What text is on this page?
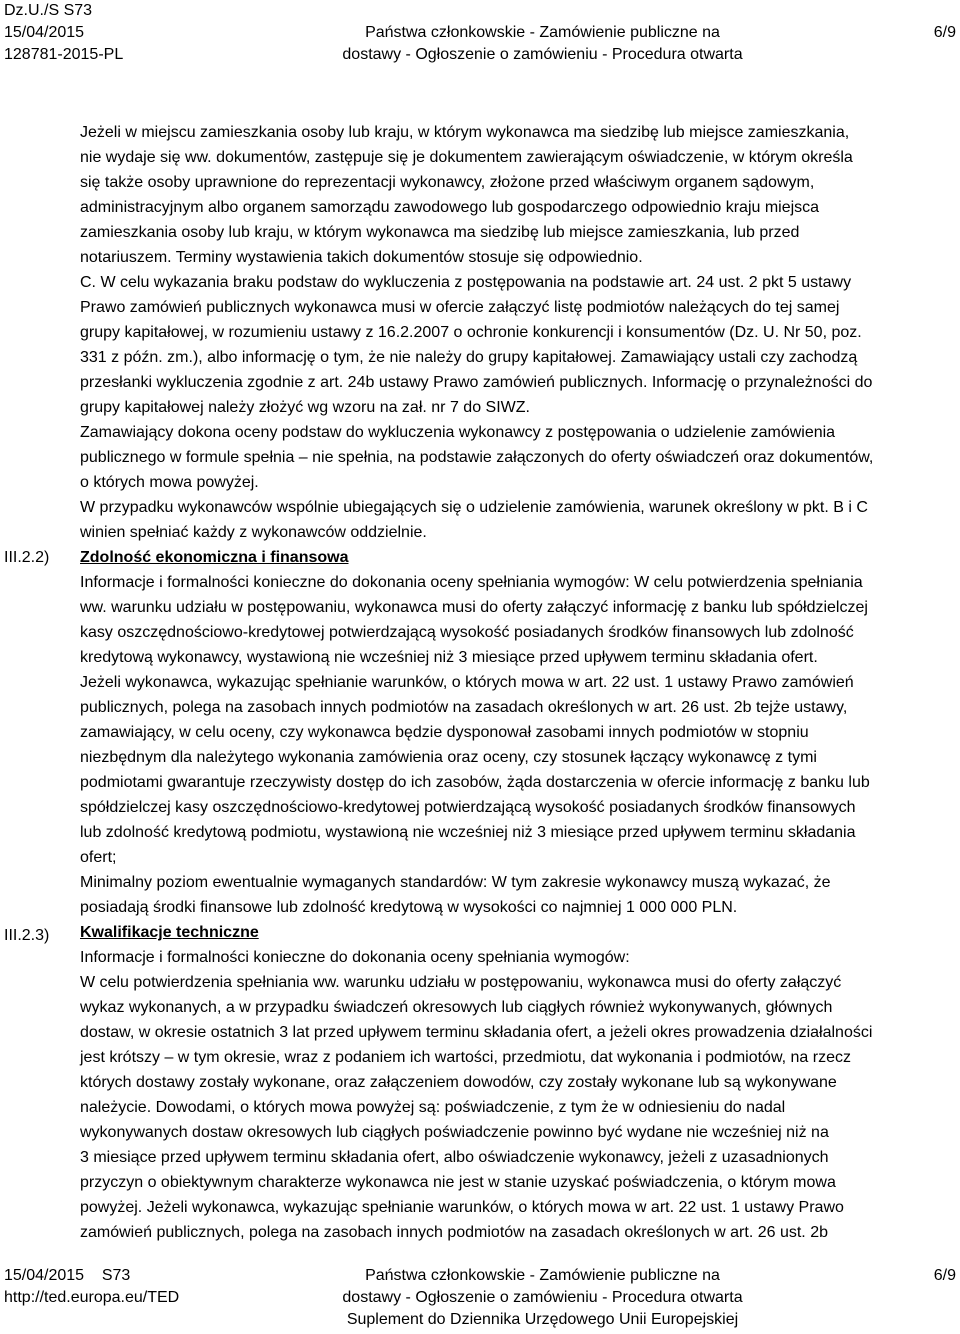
Dz.U./S S73
15/04/2015
128781-2015-PL
Państwa członkowskie - Zamówienie publiczne na
dostawy - Ogłoszenie o zamówieniu - Procedura otwarta
6/9
III.2.2)
III.2.3)
Jeżeli w miejscu zamieszkania osoby lub kraju, w którym wykonawca ma siedzibę lub miejsce zamieszkania,
nie wydaje się ww. dokumentów, zastępuje się je dokumentem zawierającym oświadczenie, w którym określa
się także osoby uprawnione do reprezentacji wykonawcy, złożone przed właściwym organem sądowym,
administracyjnym albo organem samorządu zawodowego lub gospodarczego odpowiednio kraju miejsca
zamieszkania osoby lub kraju, w którym wykonawca ma siedzibę lub miejsce zamieszkania, lub przed
notariuszem. Terminy wystawienia takich dokumentów stosuje się odpowiednio.
C. W celu wykazania braku podstaw do wykluczenia z postępowania na podstawie art. 24 ust. 2 pkt 5 ustawy
Prawo zamówień publicznych wykonawca musi w ofercie załączyć listę podmiotów należących do tej samej
grupy kapitałowej, w rozumieniu ustawy z 16.2.2007 o ochronie konkurencji i konsumentów (Dz. U. Nr 50, poz.
331 z późn. zm.), albo informację o tym, że nie należy do grupy kapitałowej. Zamawiający ustali czy zachodzą
przesłanki wykluczenia zgodnie z art. 24b ustawy Prawo zamówień publicznych. Informację o przynależności do
grupy kapitałowej należy złożyć wg wzoru na zał. nr 7 do SIWZ.
Zamawiający dokona oceny podstaw do wykluczenia wykonawcy z postępowania o udzielenie zamówienia
publicznego w formule spełnia – nie spełnia, na podstawie załączonych do oferty oświadczeń oraz dokumentów,
o których mowa powyżej.
W przypadku wykonawców wspólnie ubiegających się o udzielenie zamówienia, warunek określony w pkt. B i C
winien spełniać każdy z wykonawców oddzielnie.
Zdolność ekonomiczna i finansowa
Informacje i formalności konieczne do dokonania oceny spełniania wymogów: W celu potwierdzenia spełniania
ww. warunku udziału w postępowaniu, wykonawca musi do oferty załączyć informację z banku lub spółdzielczej
kasy oszczędnościowo-kredytowej potwierdzającą wysokość posiadanych środków finansowych lub zdolność
kredytową wykonawcy, wystawioną nie wcześniej niż 3 miesiące przed upływem terminu składania ofert.
Jeżeli wykonawca, wykazując spełnianie warunków, o których mowa w art. 22 ust. 1 ustawy Prawo zamówień
publicznych, polega na zasobach innych podmiotów na zasadach określonych w art. 26 ust. 2b tejże ustawy,
zamawiający, w celu oceny, czy wykonawca będzie dysponował zasobami innych podmiotów w stopniu
niezbędnym dla należytego wykonania zamówienia oraz oceny, czy stosunek łączący wykonawcę z tymi
podmiotami gwarantuje rzeczywisty dostęp do ich zasobów, żąda dostarczenia w ofercie informację z banku lub
spółdzielczej kasy oszczędnościowo-kredytowej potwierdzającą wysokość posiadanych środków finansowych
lub zdolność kredytową podmiotu, wystawioną nie wcześniej niż 3 miesiące przed upływem terminu składania
ofert;
Minimalny poziom ewentualnie wymaganych standardów: W tym zakresie wykonawcy muszą wykazać, że
posiadają środki finansowe lub zdolność kredytową w wysokości co najmniej 1 000 000 PLN.
Kwalifikacje techniczne
Informacje i formalności konieczne do dokonania oceny spełniania wymogów:
W celu potwierdzenia spełniania ww. warunku udziału w postępowaniu, wykonawca musi do oferty załączyć
wykaz wykonanych, a w przypadku świadczeń okresowych lub ciągłych również wykonywanych, głównych
dostaw, w okresie ostatnich 3 lat przed upływem terminu składania ofert, a jeżeli okres prowadzenia działalności
jest krótszy – w tym okresie, wraz z podaniem ich wartości, przedmiotu, dat wykonania i podmiotów, na rzecz
których dostawy zostały wykonane, oraz załączeniem dowodów, czy zostały wykonane lub są wykonywane
należycie. Dowodami, o których mowa powyżej są: poświadczenie, z tym że w odniesieniu do nadal
wykonywanych dostaw okresowych lub ciągłych poświadczenie powinno być wydane nie wcześniej niż na
3 miesiące przed upływem terminu składania ofert, albo oświadczenie wykonawcy, jeżeli z uzasadnionych
przyczyn o obiektywnym charakterze wykonawca nie jest w stanie uzyskać poświadczenia, o którym mowa
powyżej. Jeżeli wykonawca, wykazując spełnianie warunków, o których mowa w art. 22 ust. 1 ustawy Prawo
zamówień publicznych, polega na zasobach innych podmiotów na zasadach określonych w art. 26 ust. 2b
15/04/2015    S73
http://ted.europa.eu/TED
Państwa członkowskie - Zamówienie publiczne na
dostawy - Ogłoszenie o zamówieniu - Procedura otwarta
Suplement do Dziennika Urzędowego Unii Europejskiej
6/9
